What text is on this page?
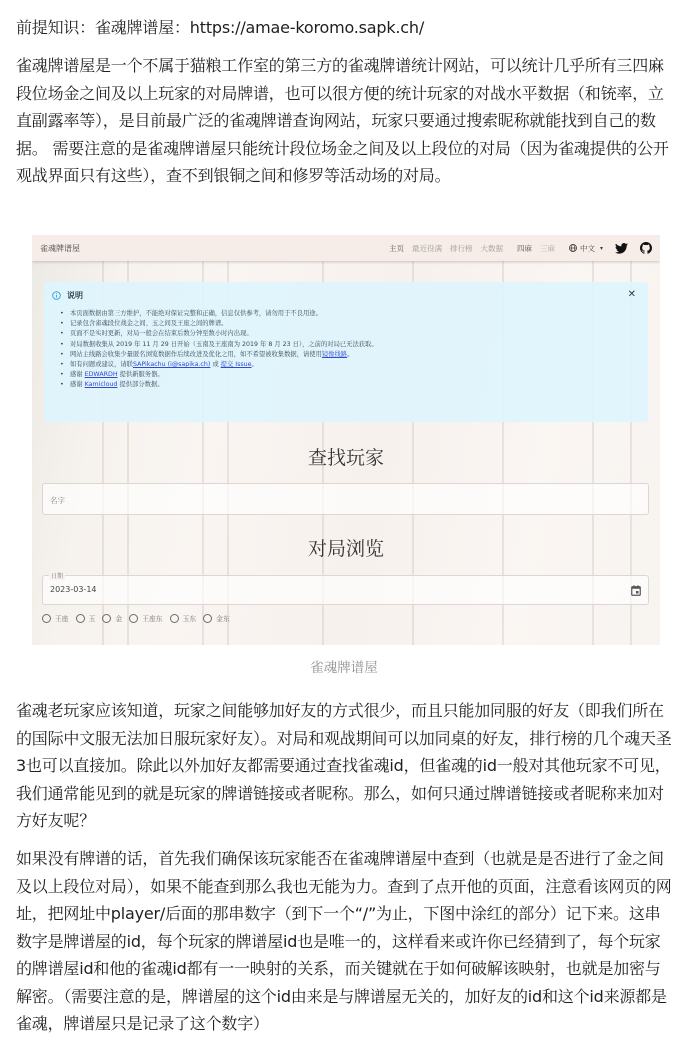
前提知识：雀魂牌谱屋：https://amae-koromo.sapk.ch/
雀魂牌谱屋是一个不属于猫粮工作室的第三方的雀魂牌谱统计网站，可以统计几乎所有三四麻段位场金之间及以上玩家的对局牌谱，也可以很方便的统计玩家的对战水平数据（和铳率，立直副露率等），是目前最广泛的雀魂牌谱查询网站，玩家只要通过搜索昵称就能找到自己的数据。 需要注意的是雀魂牌谱屋只能统计段位场金之间及以上段位的对局（因为雀魂提供的公开观战界面只有这些），查不到银铜之间和修罗等活动场的对局。
雀魂牌谱屋	主页 最近役满 排行榜 大数据 四麻 三麻	中文 ▾
说明	✕
• 本页面数据由第三方维护，不能绝对保证完整和正确，信息仅供参考，请勿用于不良用途。
• 记录包含雀魂段位战金之间、玉之间及王座之间的牌谱。
• 页面不是实时更新，对局一般会在结束后数分钟至数小时内出现。
• 对局数据收集从 2019 年 11 月 29 日开始（玉南及王座南为 2019 年 8 月 23 日），之前的对局已无法获取。
• 网站主线路会收集少量匿名浏览数据作后续改进及优化之用，如不希望被收集数据，请使用镜像线路。
• 如有问题或建议，请联SAPikachu (i@sapika.ch) 或 提交 Issue。
• 感谢 EDWARDH 提供新服务器。
• 感谢 Kamicloud 提供部分数据。
查找玩家
名字
对局浏览
日期
2023-03-14
王座	玉	金	王座东	玉东	金东
雀魂牌谱屋
雀魂老玩家应该知道，玩家之间能够加好友的方式很少，而且只能加同服的好友（即我们所在的国际中文服无法加日服玩家好友）。对局和观战期间可以加同桌的好友，排行榜的几个魂天圣3也可以直接加。除此以外加好友都需要通过查找雀魂id，但雀魂的id一般对其他玩家不可见，我们通常能见到的就是玩家的牌谱链接或者昵称。那么，如何只通过牌谱链接或者昵称来加对方好友呢？
如果没有牌谱的话，首先我们确保该玩家能否在雀魂牌谱屋中查到（也就是是否进行了金之间及以上段位对局），如果不能查到那么我也无能为力。查到了点开他的页面，注意看该网页的网址，把网址中player/后面的那串数字（到下一个“/”为止，下图中涂红的部分）记下来。这串数字是牌谱屋的id，每个玩家的牌谱屋id也是唯一的，这样看来或许你已经猜到了，每个玩家的牌谱屋id和他的雀魂id都有一一映射的关系，而关键就在于如何破解该映射，也就是加密与解密。（需要注意的是，牌谱屋的这个id由来是与牌谱屋无关的，加好友的id和这个id来源都是雀魂，牌谱屋只是记录了这个数字）
